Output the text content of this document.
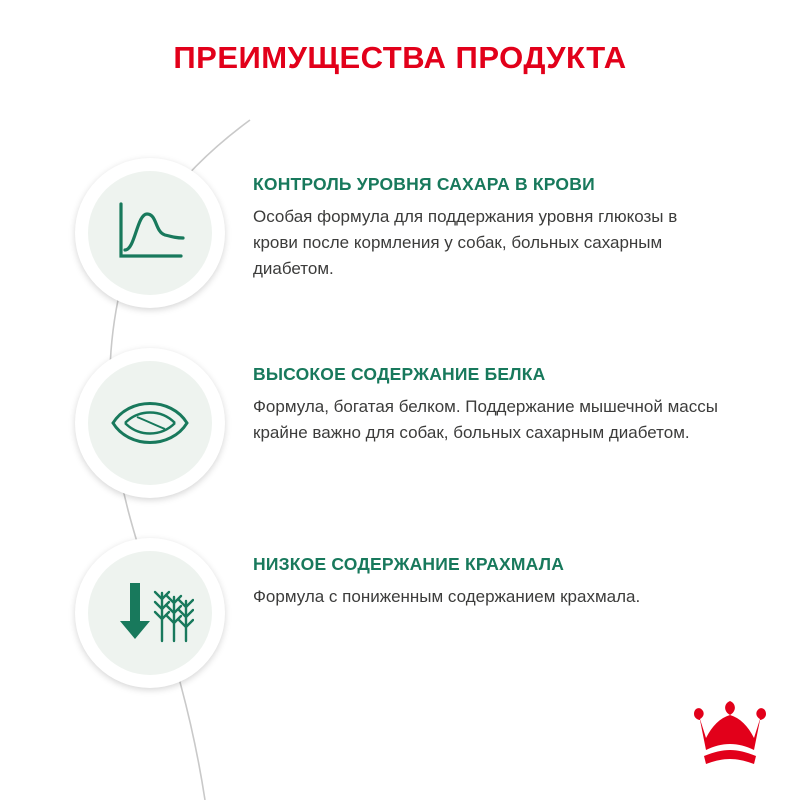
ПРЕИМУЩЕСТВА ПРОДУКТА
КОНТРОЛЬ УРОВНЯ САХАРА В КРОВИ
Особая формула для поддержания уровня глюкозы в крови после кормления у собак, больных сахарным диабетом.
ВЫСОКОЕ СОДЕРЖАНИЕ БЕЛКА
Формула, богатая белком. Поддержание мышечной массы крайне важно для собак, больных сахарным диабетом.
НИЗКОЕ СОДЕРЖАНИЕ КРАХМАЛА
Формула с пониженным содержанием крахмала.
